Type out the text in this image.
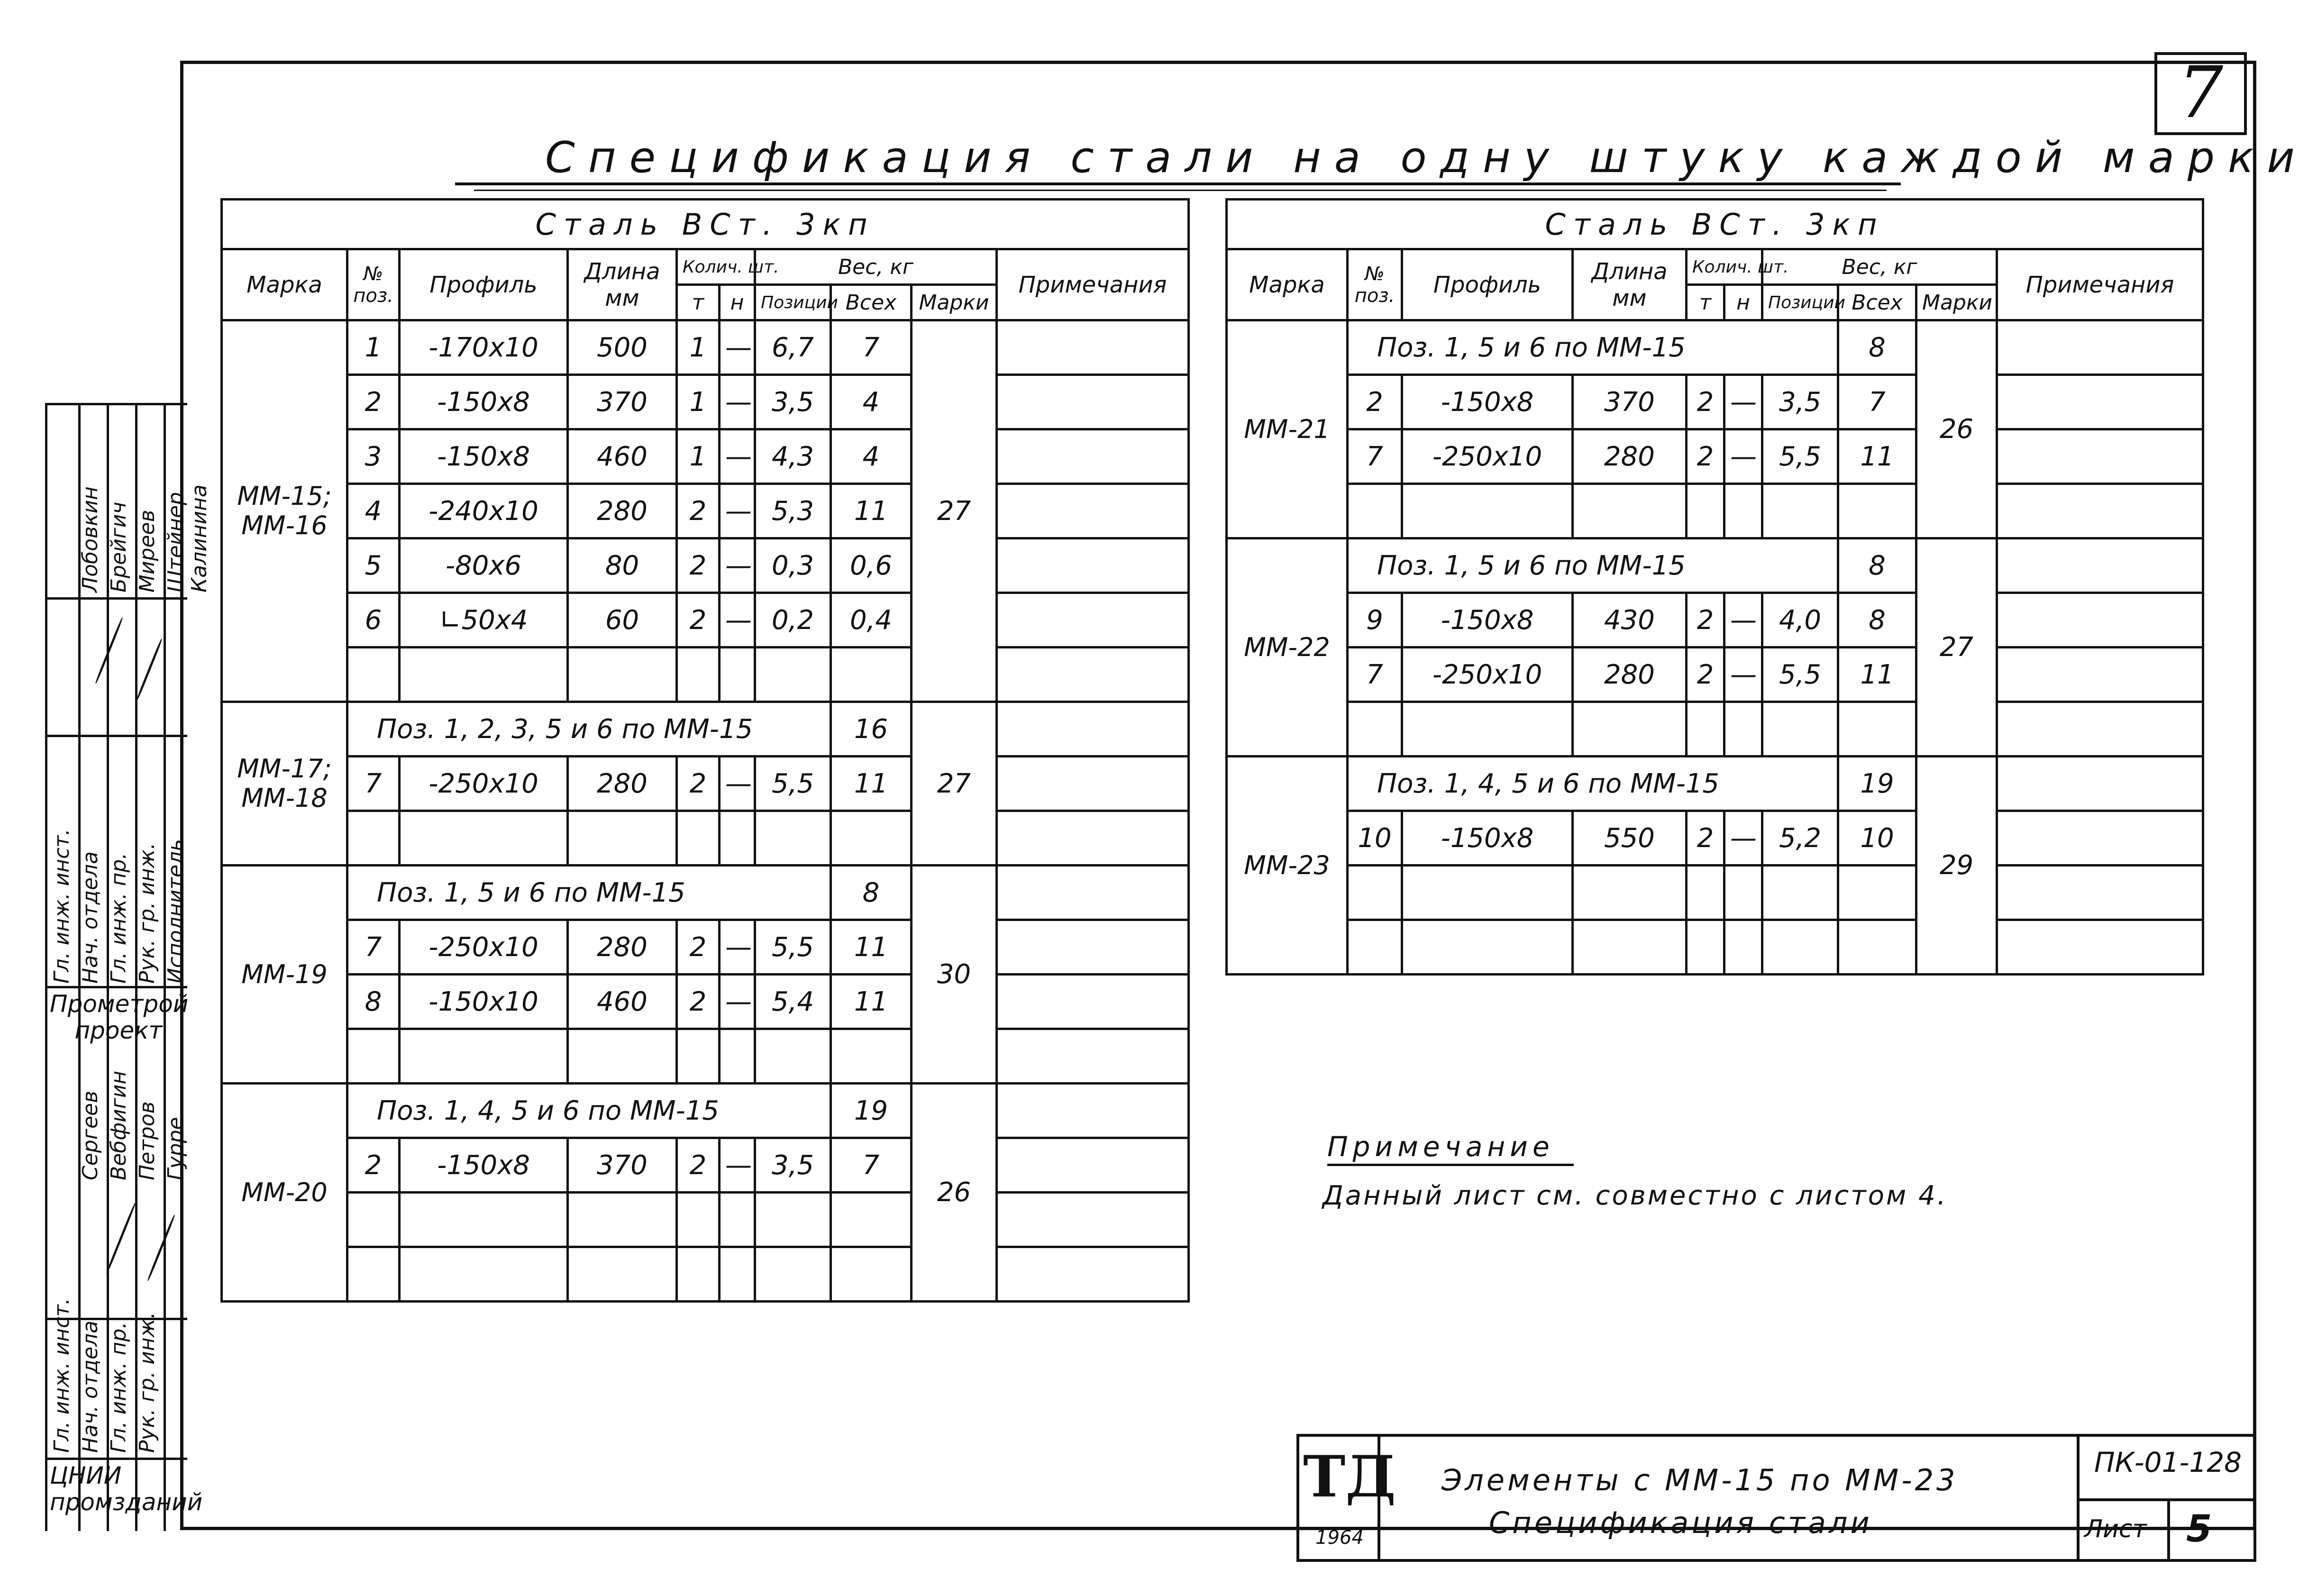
7
Спецификация стали на одну штуку каждой марки
Сталь ВСт. 3кп									
Марка	№ поз.	Профиль	Длина мм	Колич. шт.		Вес, кг			Примечания
				т	н	Позиции	Всех	Марки	
ММ-15; ММ-16	1	-170x10	500	1	—	6,7	7	27	
	2	-150x8	370	1	—	3,5	4		
	3	-150x8	460	1	—	4,3	4		
	4	-240x10	280	2	—	5,3	11		
	5	-80x6	80	2	—	0,3	0,6		
	6	∟50x4	60	2	—	0,2	0,4		

ММ-17; ММ-18	Поз. 1, 2, 3, 5 и 6 по ММ-15						16	27	
	7	-250x10	280	2	—	5,5	11		

ММ-19	Поз. 1, 5 и 6 по ММ-15						8	30	
	7	-250x10	280	2	—	5,5	11		
	8	-150x10	460	2	—	5,4	11		

ММ-20	Поз. 1, 4, 5 и 6 по ММ-15						19	26	
	2	-150x8	370	2	—	3,5	7		

Сталь ВСт. 3кп									
Марка	№ поз.	Профиль	Длина мм	Колич. шт.		Вес, кг			Примечания
				т	н	Позиции	Всех	Марки	
ММ-21	Поз. 1, 5 и 6 по ММ-15						8	26	
	2	-150x8	370	2	—	3,5	7		
	7	-250x10	280	2	—	5,5	11		

ММ-22	Поз. 1, 5 и 6 по ММ-15						8	27	
	9	-150x8	430	2	—	4,0	8		
	7	-250x10	280	2	—	5,5	11		

ММ-23	Поз. 1, 4, 5 и 6 по ММ-15						19	29	
	10	-150x8	550	2	—	5,2	10		

Примечание
Данный лист см. совместно с листом 4.
ТД
1964
Элементы с ММ-15 по ММ-23
Спецификация стали
ПК-01-128
Лист 5
Гл. инж. инст. Нач. отдела Гл. инж. пр. Рук. гр. инж. Исполнитель
Лобовкин Брейгич Миреев Штейнер Калинина
Прометрой проект
Сергеев Вебфигин Петров Гурре
Гл. инж. инст. Нач. отдела Гл. инж. пр. Рук. гр. инж.
ЦНИИ промзданий
